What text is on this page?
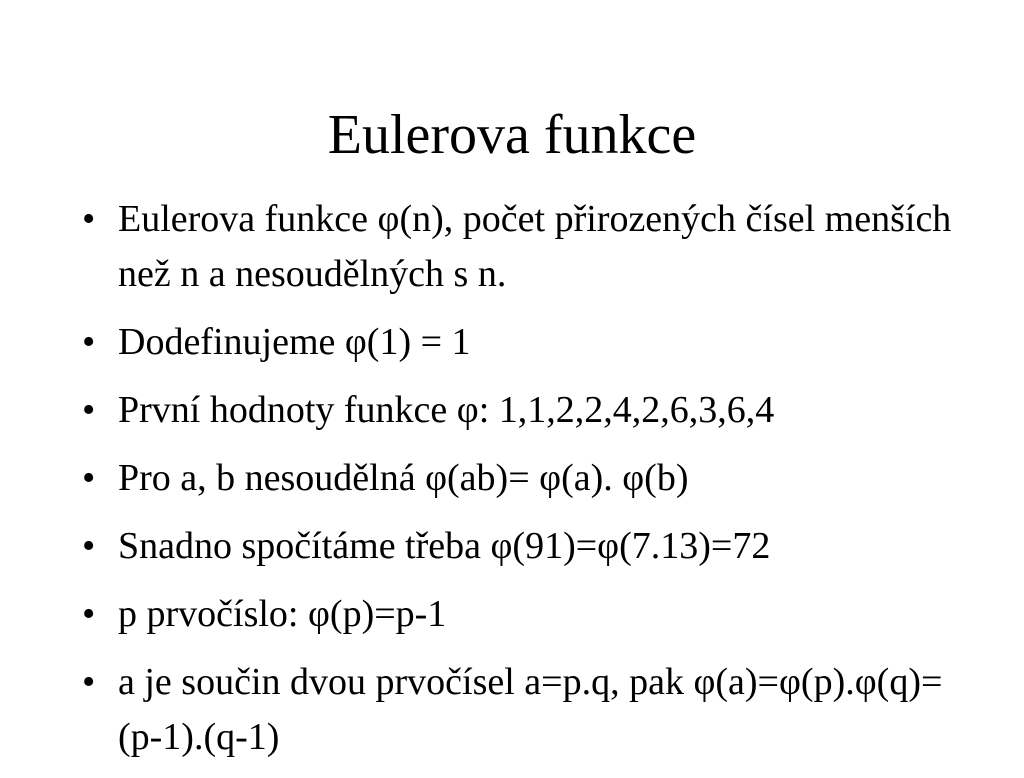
Eulerova funkce
• Eulerova funkce φ(n), počet přirozených čísel menších než n a nesoudělných s n.
• Dodefinujeme φ(1) = 1
• První hodnoty funkce φ: 1,1,2,2,4,2,6,3,6,4
• Pro a, b nesoudělná φ(ab)= φ(a). φ(b)
• Snadno spočítáme třeba φ(91)=φ(7.13)=72
• p prvočíslo: φ(p)=p-1
• a je součin dvou prvočísel a=p.q, pak φ(a)=φ(p).φ(q)=(p-1).(q-1)
